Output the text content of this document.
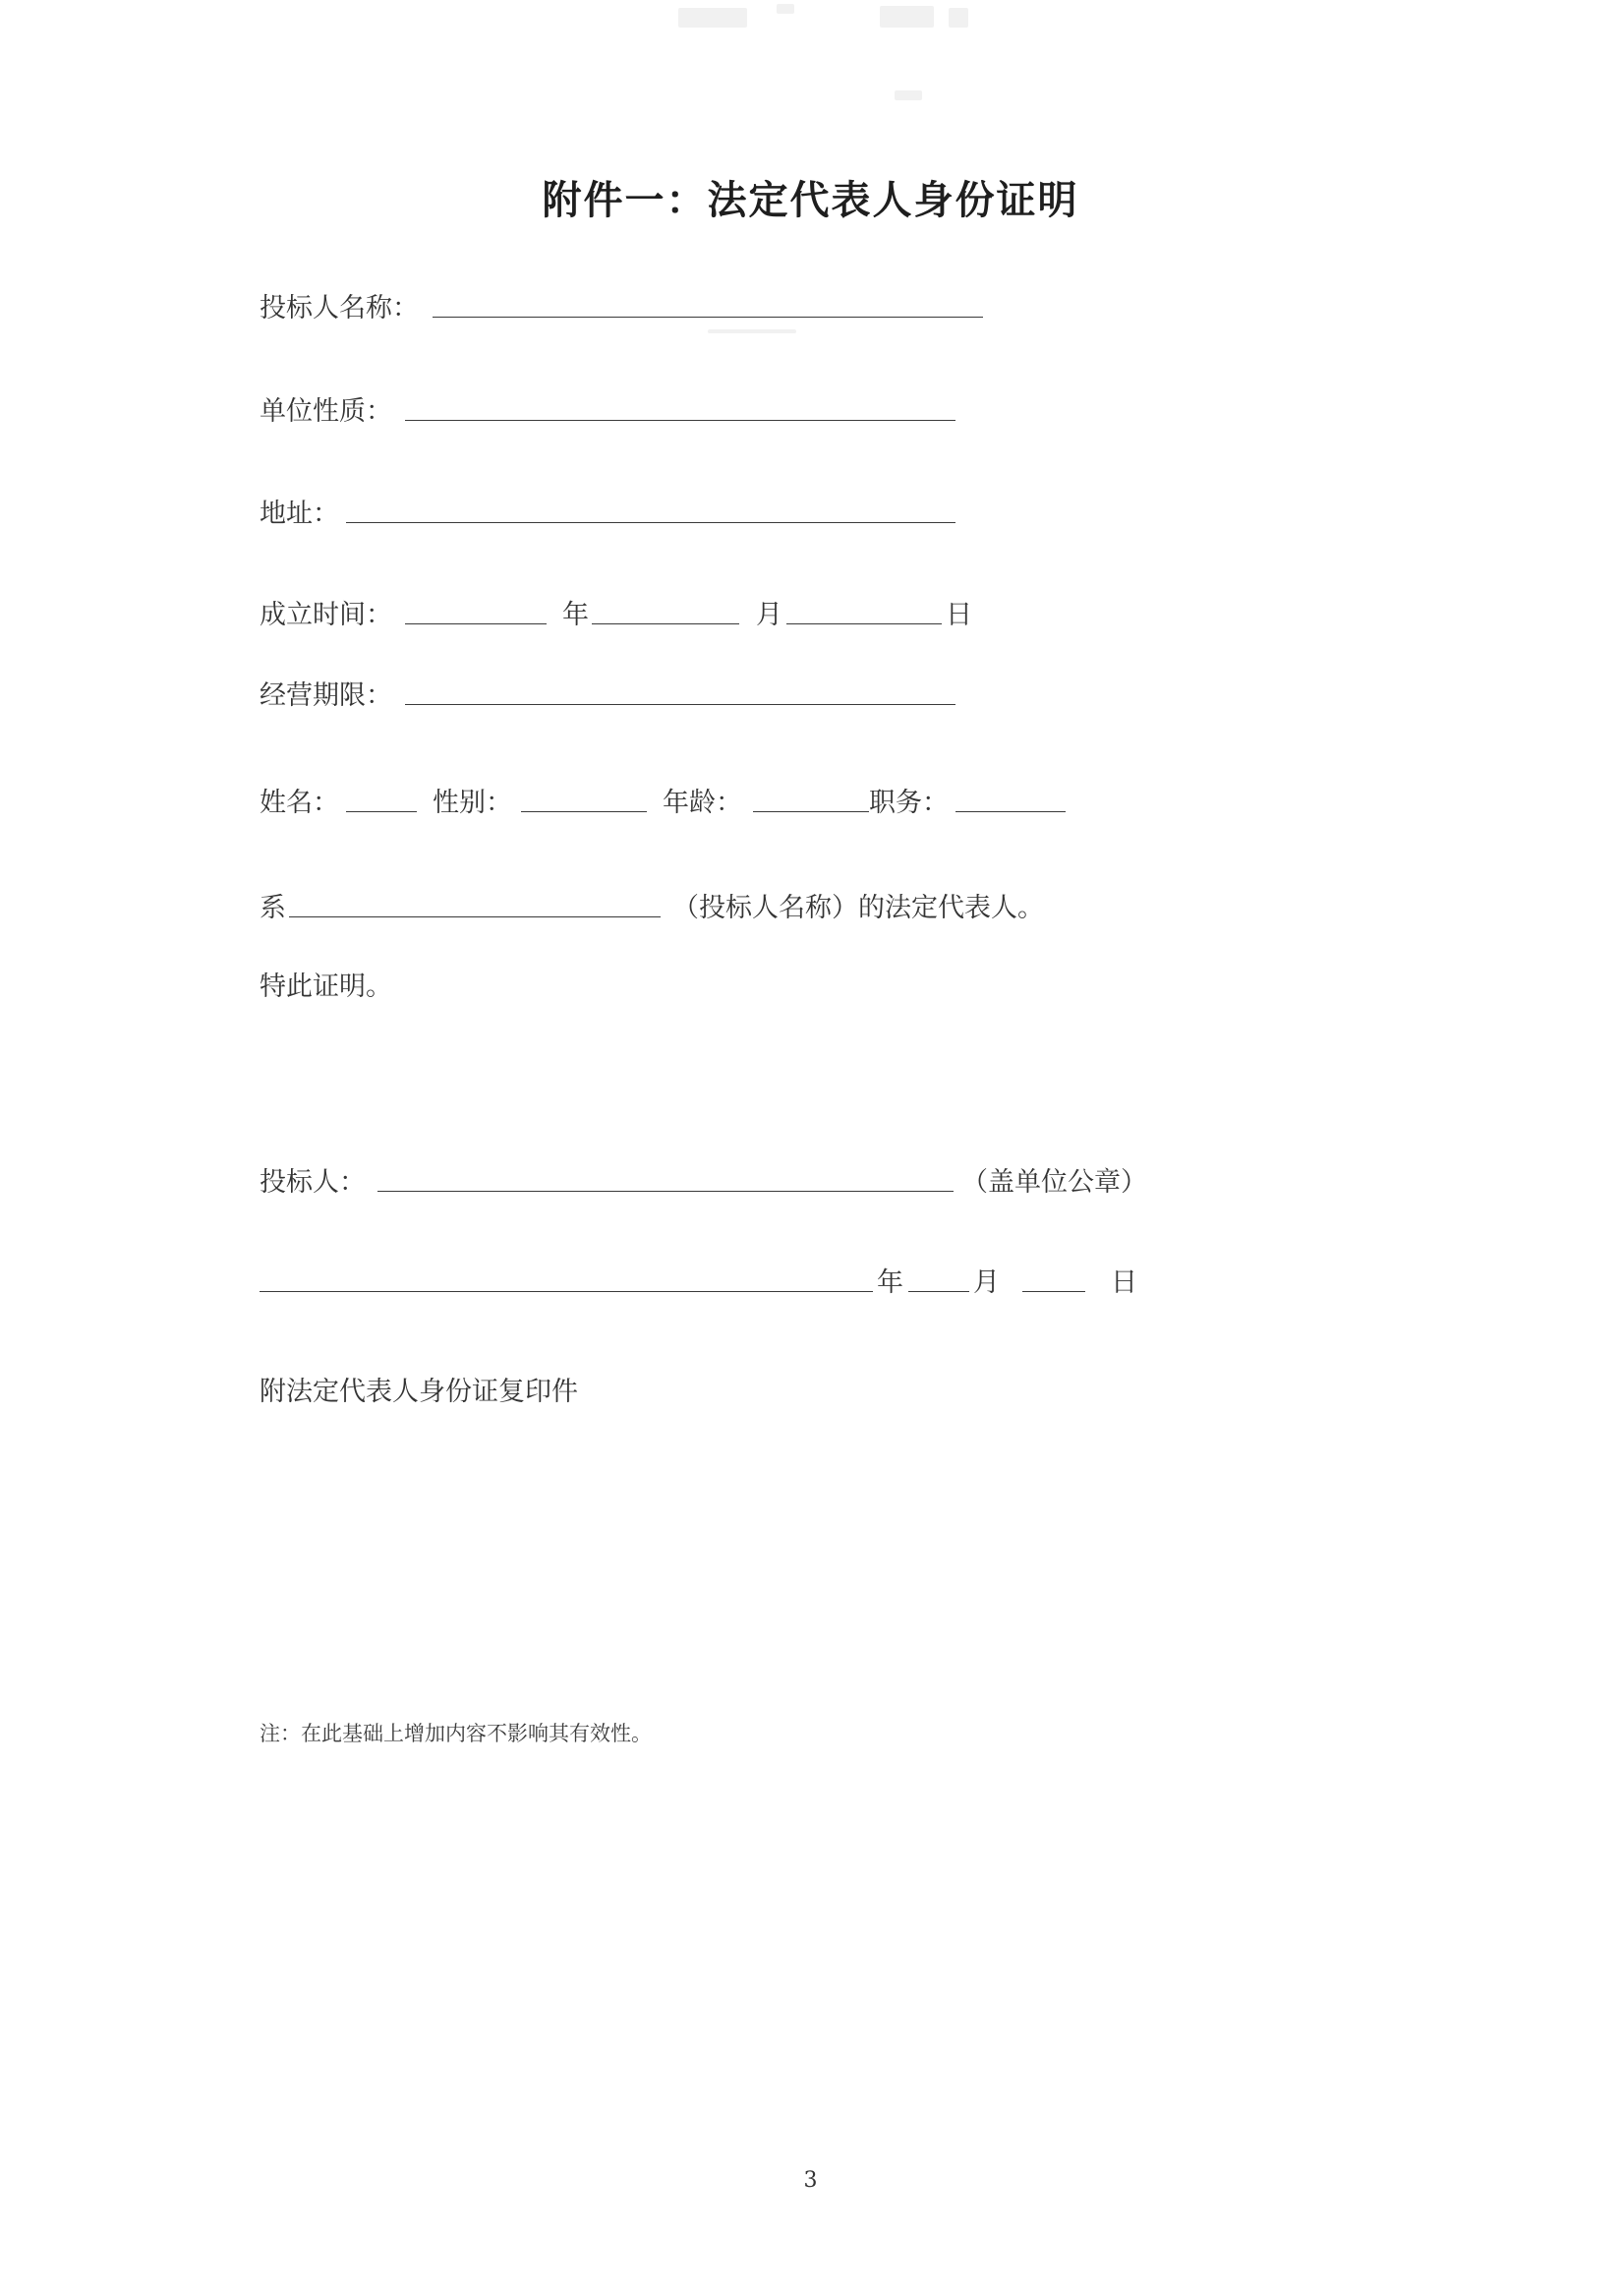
附件一：法定代表人身份证明
投标人名称：
单位性质：
地址：
成立时间：	年	月	日
经营期限：
姓名：	性别：	年龄：	职务：
系	（投标人名称）的法定代表人。
特此证明。
投标人：	（盖单位公章）
年	月	日
附法定代表人身份证复印件
注：在此基础上增加内容不影响其有效性。
3
